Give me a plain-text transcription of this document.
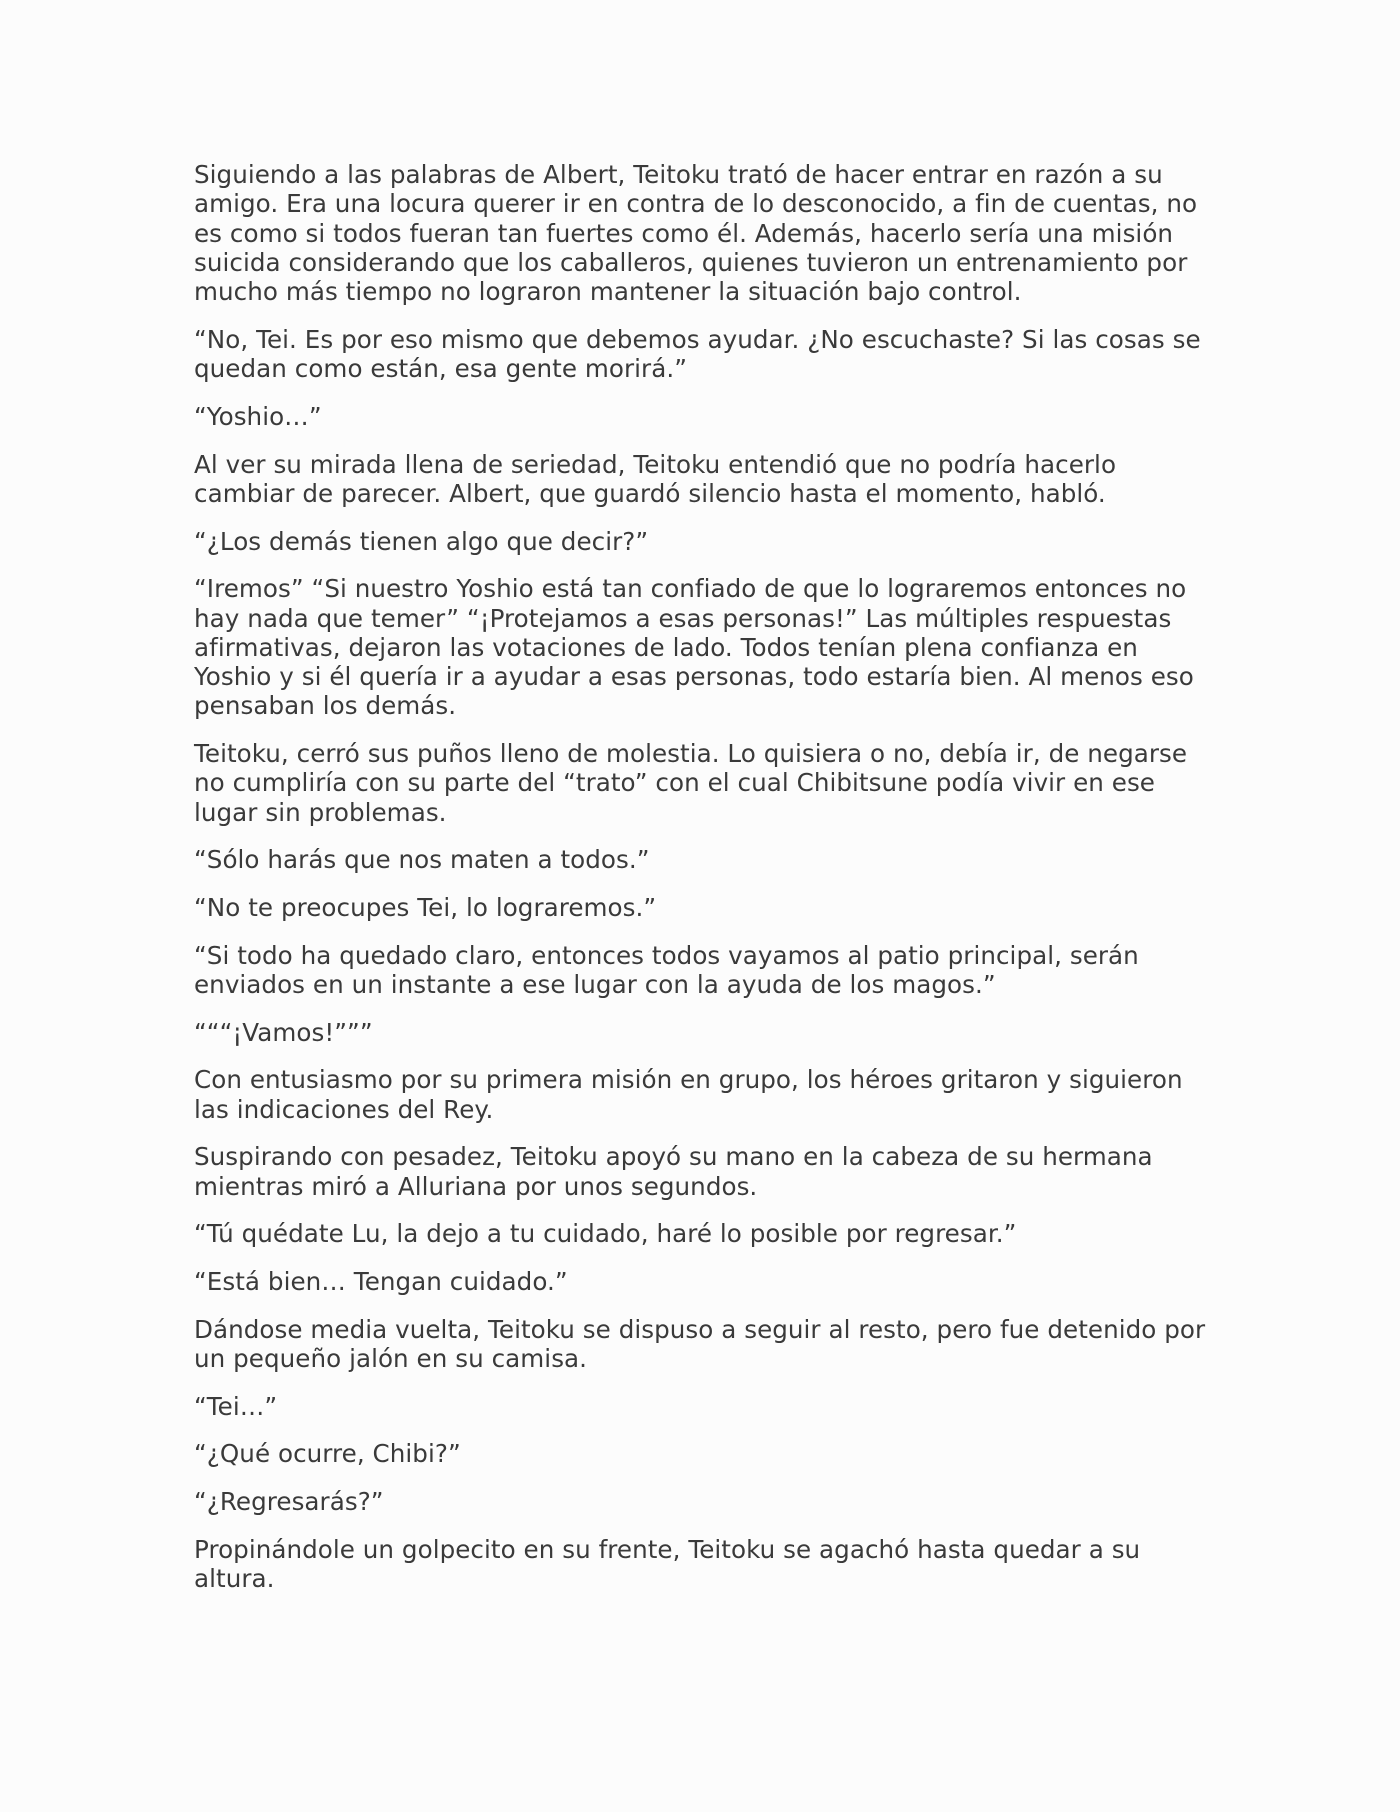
Siguiendo a las palabras de Albert, Teitoku trató de hacer entrar en razón a su amigo. Era una locura querer ir en contra de lo desconocido, a fin de cuentas, no es como si todos fueran tan fuertes como él. Además, hacerlo sería una misión suicida considerando que los caballeros, quienes tuvieron un entrenamiento por mucho más tiempo no lograron mantener la situación bajo control.

“No, Tei. Es por eso mismo que debemos ayudar. ¿No escuchaste? Si las cosas se quedan como están, esa gente morirá.”

“Yoshio…”

Al ver su mirada llena de seriedad, Teitoku entendió que no podría hacerlo cambiar de parecer. Albert, que guardó silencio hasta el momento, habló.

“¿Los demás tienen algo que decir?”

“Iremos” “Si nuestro Yoshio está tan confiado de que lo lograremos entonces no hay nada que temer” “¡Protejamos a esas personas!” Las múltiples respuestas afirmativas, dejaron las votaciones de lado. Todos tenían plena confianza en Yoshio y si él quería ir a ayudar a esas personas, todo estaría bien. Al menos eso pensaban los demás.

Teitoku, cerró sus puños lleno de molestia. Lo quisiera o no, debía ir, de negarse no cumpliría con su parte del “trato” con el cual Chibitsune podía vivir en ese lugar sin problemas.

“Sólo harás que nos maten a todos.”

“No te preocupes Tei, lo lograremos.”

“Si todo ha quedado claro, entonces todos vayamos al patio principal, serán enviados en un instante a ese lugar con la ayuda de los magos.”

“““¡Vamos!”””

Con entusiasmo por su primera misión en grupo, los héroes gritaron y siguieron las indicaciones del Rey.

Suspirando con pesadez, Teitoku apoyó su mano en la cabeza de su hermana mientras miró a Alluriana por unos segundos.

“Tú quédate Lu, la dejo a tu cuidado, haré lo posible por regresar.”

“Está bien… Tengan cuidado.”

Dándose media vuelta, Teitoku se dispuso a seguir al resto, pero fue detenido por un pequeño jalón en su camisa.

“Tei…”

“¿Qué ocurre, Chibi?”

“¿Regresarás?”

Propinándole un golpecito en su frente, Teitoku se agachó hasta quedar a su altura.
